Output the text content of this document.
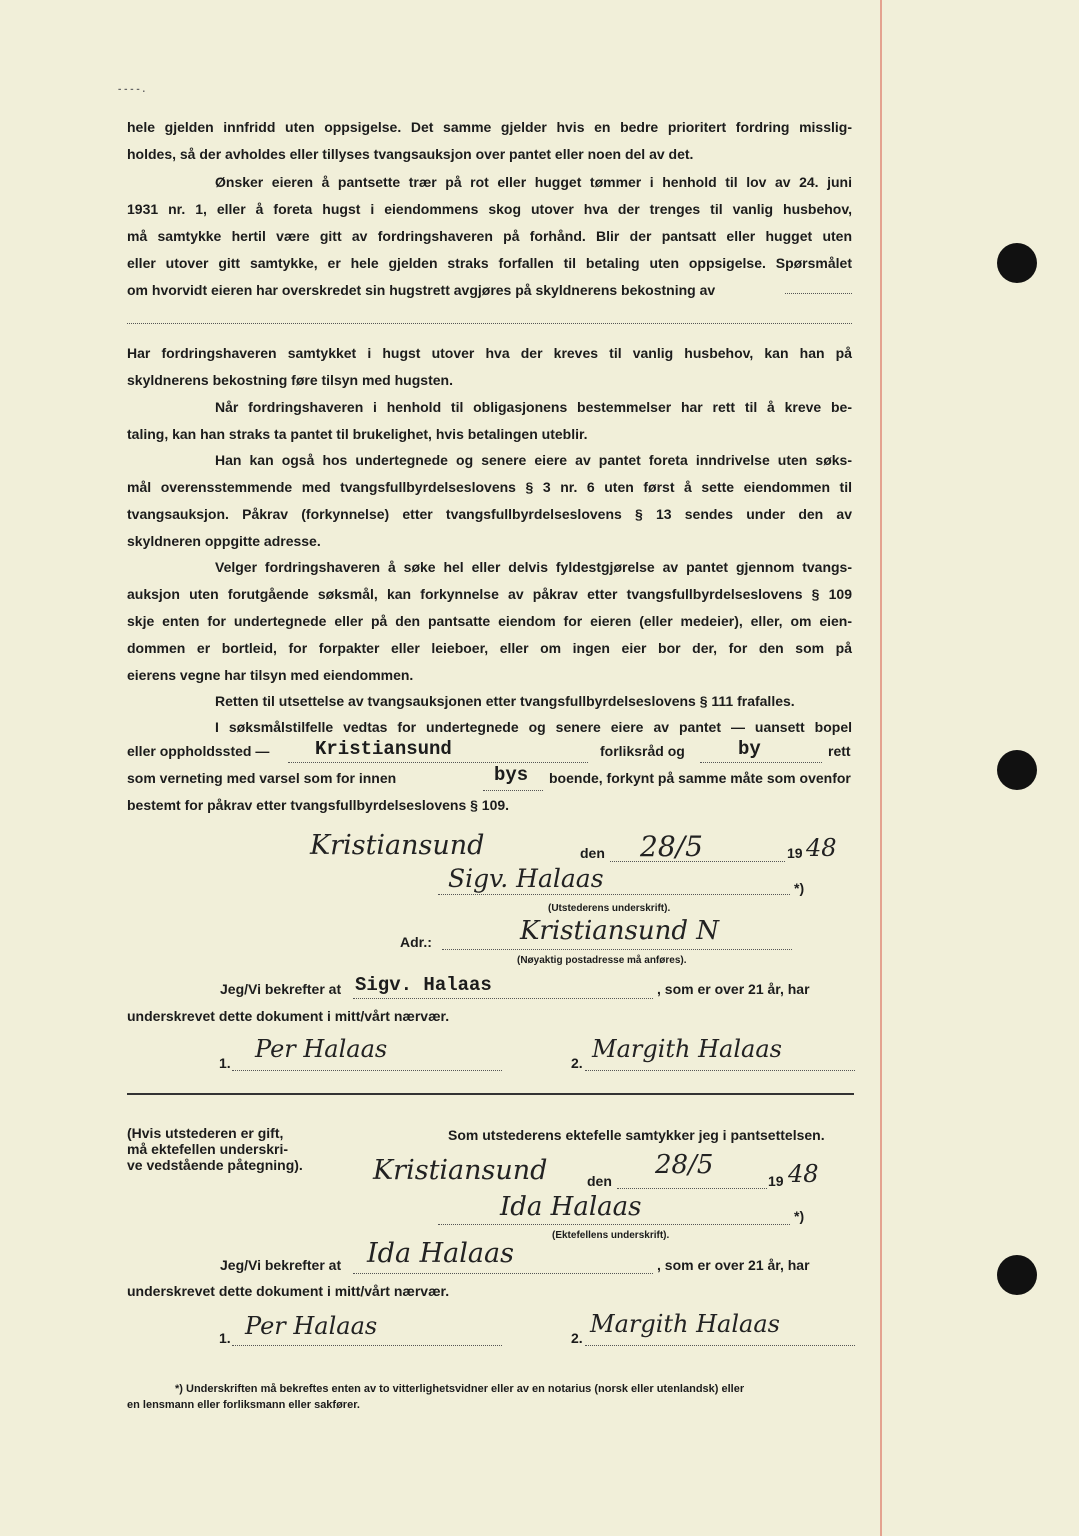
- - - - .
hele gjelden innfridd uten oppsigelse. Det samme gjelder hvis en bedre prioritert fordring misslig-
holdes, så der avholdes eller tillyses tvangsauksjon over pantet eller noen del av det.
Ønsker eieren å pantsette trær på rot eller hugget tømmer i henhold til lov av 24. juni
1931 nr. 1, eller å foreta hugst i eiendommens skog utover hva der trenges til vanlig husbehov,
må samtykke hertil være gitt av fordringshaveren på forhånd. Blir der pantsatt eller hugget uten
eller utover gitt samtykke, er hele gjelden straks forfallen til betaling uten oppsigelse. Spørsmålet
om hvorvidt eieren har overskredet sin hugstrett avgjøres på skyldnerens bekostning av
Har fordringshaveren samtykket i hugst utover hva der kreves til vanlig husbehov, kan han på
skyldnerens bekostning føre tilsyn med hugsten.
Når fordringshaveren i henhold til obligasjonens bestemmelser har rett til å kreve be-
taling, kan han straks ta pantet til brukelighet, hvis betalingen uteblir.
Han kan også hos undertegnede og senere eiere av pantet foreta inndrivelse uten søks-
mål overensstemmende med tvangsfullbyrdelseslovens § 3 nr. 6 uten først å sette eiendommen til
tvangsauksjon. Påkrav (forkynnelse) etter tvangsfullbyrdelseslovens § 13 sendes under den av
skyldneren oppgitte adresse.
Velger fordringshaveren å søke hel eller delvis fyldestgjørelse av pantet gjennom tvangs-
auksjon uten forutgående søksmål, kan forkynnelse av påkrav etter tvangsfullbyrdelseslovens § 109
skje enten for undertegnede eller på den pantsatte eiendom for eieren (eller medeier), eller, om eien-
dommen er bortleid, for forpakter eller leieboer, eller om ingen eier bor der, for den som på
eierens vegne har tilsyn med eiendommen.
Retten til utsettelse av tvangsauksjonen etter tvangsfullbyrdelseslovens § 111 frafalles.
I søksmålstilfelle vedtas for undertegnede og senere eiere av pantet — uansett bopel
eller oppholdssted — Kristiansund	forliksråd og	by	rett
som verneting med varsel som for innen	bys boende, forkynt på samme måte som ovenfor
bestemt for påkrav etter tvangsfullbyrdelseslovens § 109.
Kristiansund	den 28/5	19 48
Sigv. Halaas	*)
(Utstederens underskrift).
Adr.:	Kristiansund N
(Nøyaktig postadresse må anføres).
Jeg/Vi bekrefter at Sigv. Halaas	, som er over 21 år, har
underskrevet dette dokument i mitt/vårt nærvær.
1. Per Halaas	2. Margith Halaas
(Hvis utstederen er gift,
må ektefellen underskri-
ve vedstående påtegning).
Som utstederens ektefelle samtykker jeg i pantsettelsen.
Kristiansund	den
28/5
19 48
Ida Halaas	*)
(Ektefellens underskrift).
Jeg/Vi bekrefter at Ida Halaas	, som er over 21 år, har
underskrevet dette dokument i mitt/vårt nærvær.
1. Per Halaas	2. Margith Halaas
*) Underskriften må bekreftes enten av to vitterlighetsvidner eller av en notarius (norsk eller utenlandsk) eller
en lensmann eller forliksmann eller sakfører.
